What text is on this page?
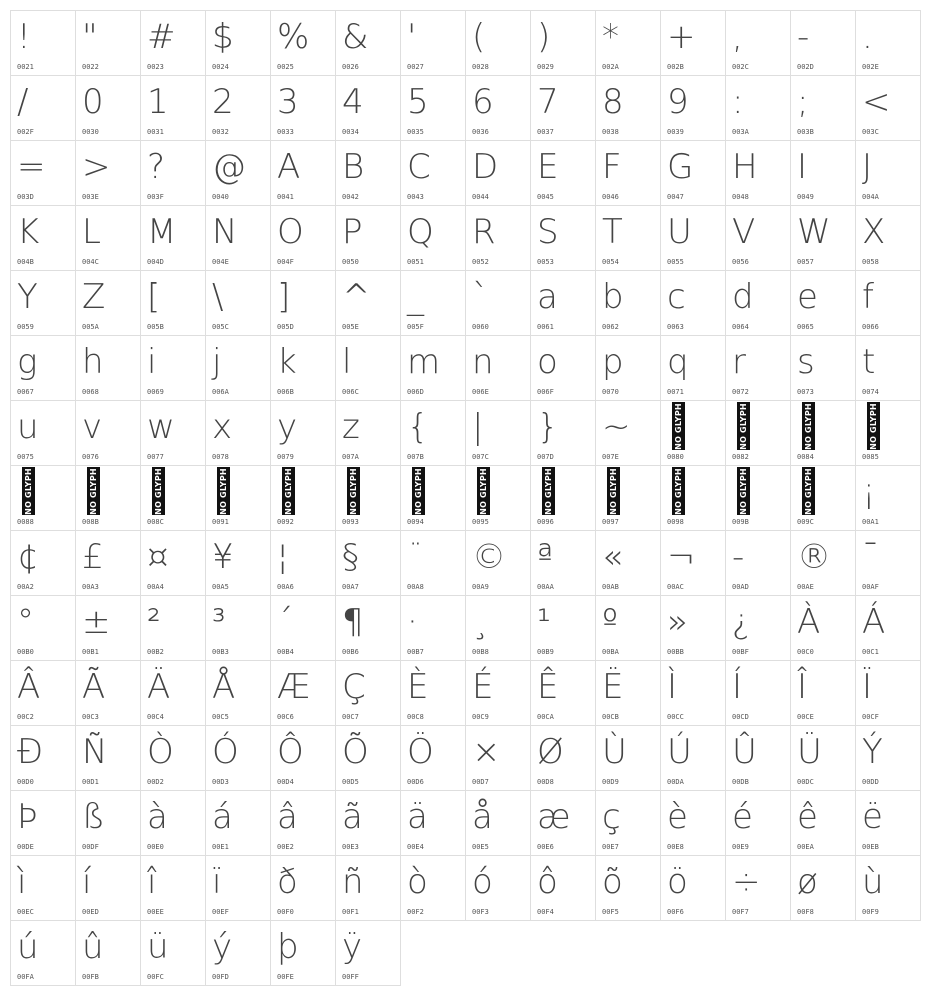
!
0021
"
0022
#
0023
$
0024
%
0025
&
0026
'
0027
(
0028
)
0029
*
002A
+
002B
,
002C
-
002D
.
002E
/
002F
0
0030
1
0031
2
0032
3
0033
4
0034
5
0035
6
0036
7
0037
8
0038
9
0039
:
003A
;
003B
<
003C
=
003D
>
003E
?
003F
@
0040
A
0041
B
0042
C
0043
D
0044
E
0045
F
0046
G
0047
H
0048
I
0049
J
004A
K
004B
L
004C
M
004D
N
004E
O
004F
P
0050
Q
0051
R
0052
S
0053
T
0054
U
0055
V
0056
W
0057
X
0058
Y
0059
Z
005A
[
005B
\
005C
]
005D
^
005E
_
005F
`
0060
a
0061
b
0062
c
0063
d
0064
e
0065
f
0066
g
0067
h
0068
i
0069
j
006A
k
006B
l
006C
m
006D
n
006E
o
006F
p
0070
q
0071
r
0072
s
0073
t
0074
u
0075
v
0076
w
0077
x
0078
y
0079
z
007A
{
007B
|
007C
}
007D
~
007E
NO GLYPH
0080
NO GLYPH
0082
NO GLYPH
0084
NO GLYPH
0085
NO GLYPH
0088
NO GLYPH
008B
NO GLYPH
008C
NO GLYPH
0091
NO GLYPH
0092
NO GLYPH
0093
NO GLYPH
0094
NO GLYPH
0095
NO GLYPH
0096
NO GLYPH
0097
NO GLYPH
0098
NO GLYPH
009B
NO GLYPH
009C
¡
00A1
¢
00A2
£
00A3
¤
00A4
¥
00A5
¦
00A6
§
00A7
¨
00A8
©
00A9
ª
00AA
«
00AB
¬
00AC
-
00AD
®
00AE
¯
00AF
°
00B0
±
00B1
²
00B2
³
00B3
´
00B4
¶
00B6
·
00B7
¸
00B8
¹
00B9
º
00BA
»
00BB
¿
00BF
À
00C0
Á
00C1
Â
00C2
Ã
00C3
Ä
00C4
Å
00C5
Æ
00C6
Ç
00C7
È
00C8
É
00C9
Ê
00CA
Ë
00CB
Ì
00CC
Í
00CD
Î
00CE
Ï
00CF
Ð
00D0
Ñ
00D1
Ò
00D2
Ó
00D3
Ô
00D4
Õ
00D5
Ö
00D6
×
00D7
Ø
00D8
Ù
00D9
Ú
00DA
Û
00DB
Ü
00DC
Ý
00DD
Þ
00DE
ß
00DF
à
00E0
á
00E1
â
00E2
ã
00E3
ä
00E4
å
00E5
æ
00E6
ç
00E7
è
00E8
é
00E9
ê
00EA
ë
00EB
ì
00EC
í
00ED
î
00EE
ï
00EF
ð
00F0
ñ
00F1
ò
00F2
ó
00F3
ô
00F4
õ
00F5
ö
00F6
÷
00F7
ø
00F8
ù
00F9
ú
00FA
û
00FB
ü
00FC
ý
00FD
þ
00FE
ÿ
00FF
